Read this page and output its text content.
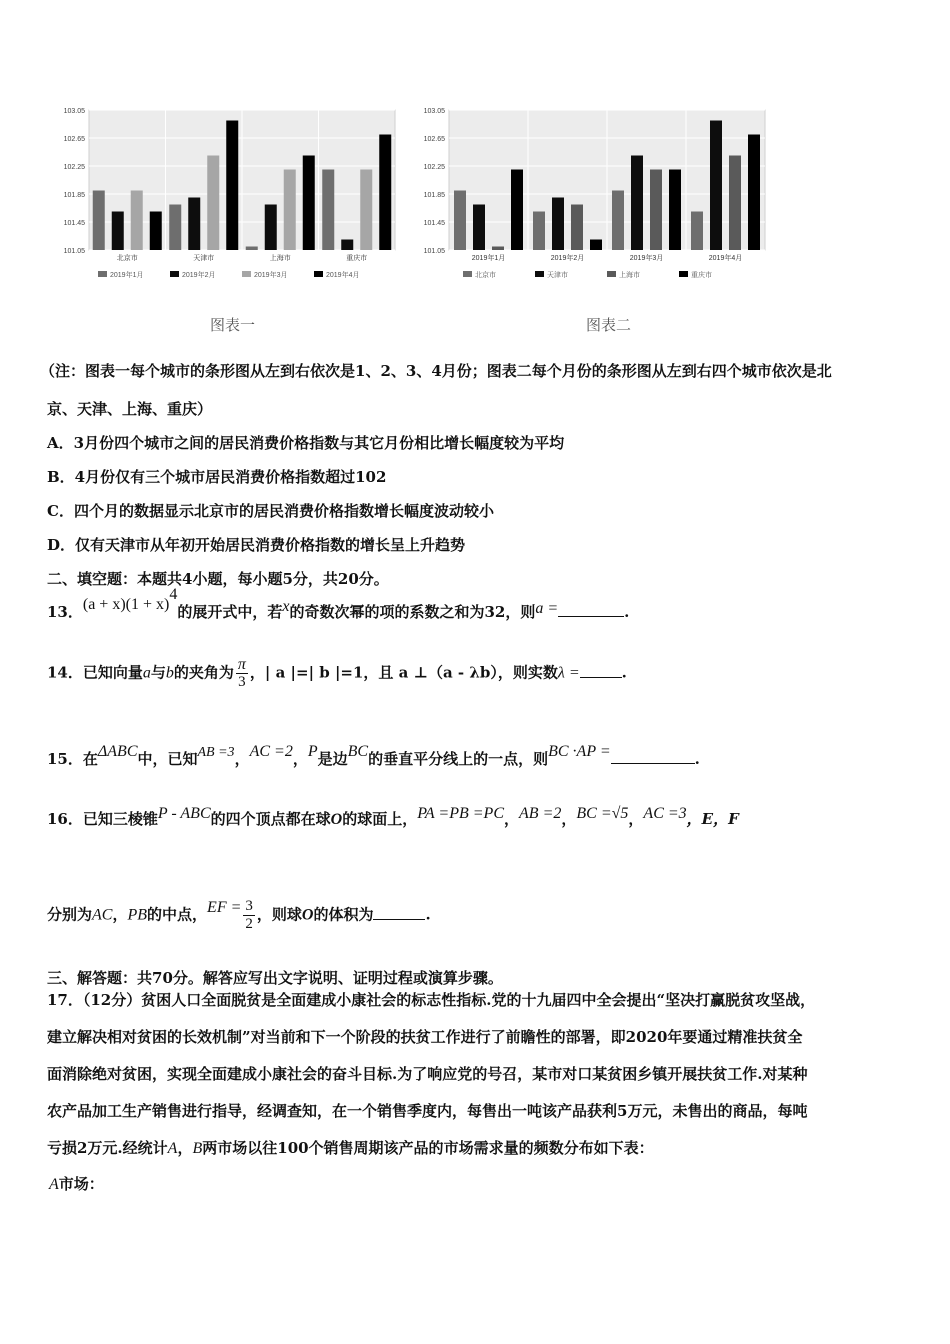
103.05
102.65
102.25
101.85
101.45
101.05
北京市	天津市	上海市	重庆市
2019年1月	2019年2月	2019年3月	2019年4月
图表一
103.05
102.65
102.25
101.85
101.45
101.05
2019年1月	2019年2月	2019年3月	2019年4月
北京市	天津市	上海市	重庆市
图表二
（注：图表一每个城市的条形图从左到右依次是1、2、3、4月份；图表二每个月份的条形图从左到右四个城市依次是北
京、天津、上海、重庆）
A．3月份四个城市之间的居民消费价格指数与其它月份相比增长幅度较为平均
B．4月份仅有三个城市居民消费价格指数超过102
C．四个月的数据显示北京市的居民消费价格指数增长幅度波动较小
D．仅有天津市从年初开始居民消费价格指数的增长呈上升趋势
二、填空题：本题共4小题，每小题5分，共20分。
13．$(a + x)(1 + x)^4$的展开式中，若x的奇数次幂的项的系数之和为32，则a =	.
14．已知向量a与b的夹角为 $\frac{\pi}{3}$ ，| a |=| b |=1，且 a ⊥（a - λb），则实数λ =	.
15．在ΔABC中，已知AB =3，AC =2，P是边BC的垂直平分线上的一点，则BC ·AP =	.
16．已知三棱锥P - ABC的四个顶点都在球O的球面上，PA =PB =PC，AB =2，BC =√5，AC =3，E，F
分别为AC，PB的中点，EF = $\frac{3}{2}$ ，则球O的体积为	.
三、解答题：共70分。解答应写出文字说明、证明过程或演算步骤。
17．（12分）贫困人口全面脱贫是全面建成小康社会的标志性指标.党的十九届四中全会提出“坚决打赢脱贫攻坚战，
建立解决相对贫困的长效机制”对当前和下一个阶段的扶贫工作进行了前瞻性的部署，即2020年要通过精准扶贫全
面消除绝对贫困，实现全面建成小康社会的奋斗目标.为了响应党的号召，某市对口某贫困乡镇开展扶贫工作.对某种
农产品加工生产销售进行指导，经调查知，在一个销售季度内，每售出一吨该产品获利5万元，未售出的商品，每吨
亏损2万元.经统计A，B两市场以往100个销售周期该产品的市场需求量的频数分布如下表：
A市场：
